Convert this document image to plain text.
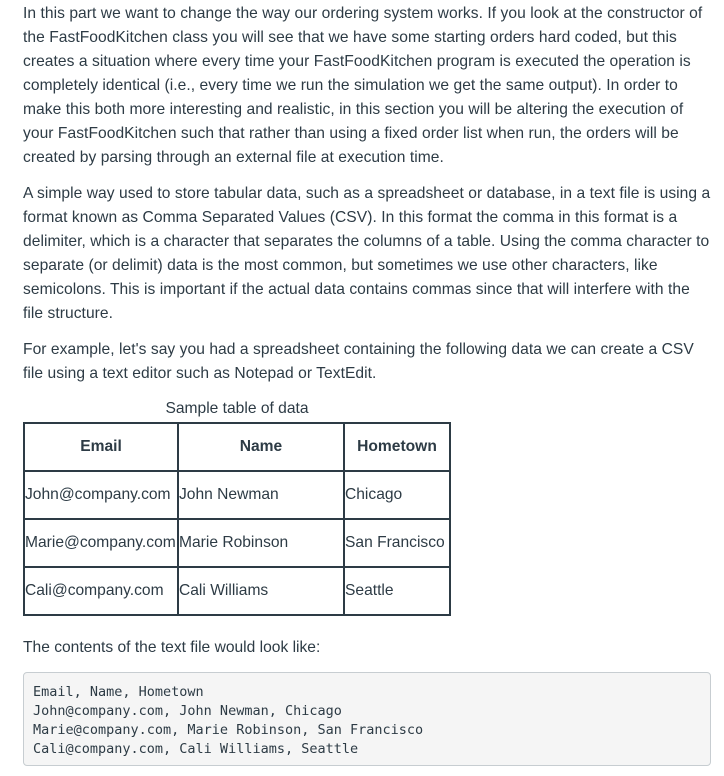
In this part we want to change the way our ordering system works. If you look at the constructor of the FastFoodKitchen class you will see that we have some starting orders hard coded, but this creates a situation where every time your FastFoodKitchen program is executed the operation is completely identical (i.e., every time we run the simulation we get the same output). In order to make this both more interesting and realistic, in this section you will be altering the execution of your FastFoodKitchen such that rather than using a fixed order list when run, the orders will be created by parsing through an external file at execution time.

A simple way used to store tabular data, such as a spreadsheet or database, in a text file is using a format known as Comma Separated Values (CSV). In this format the comma in this format is a delimiter, which is a character that separates the columns of a table. Using the comma character to separate (or delimit) data is the most common, but sometimes we use other characters, like semicolons. This is important if the actual data contains commas since that will interfere with the file structure.

For example, let's say you had a spreadsheet containing the following data we can create a CSV file using a text editor such as Notepad or TextEdit.

Sample table of data
Email	Name	Hometown
John@company.com	John Newman	Chicago
Marie@company.com	Marie Robinson	San Francisco
Cali@company.com	Cali Williams	Seattle
The contents of the text file would look like:
Email, Name, Hometown
John@company.com, John Newman, Chicago
Marie@company.com, Marie Robinson, San Francisco
Cali@company.com, Cali Williams, Seattle
